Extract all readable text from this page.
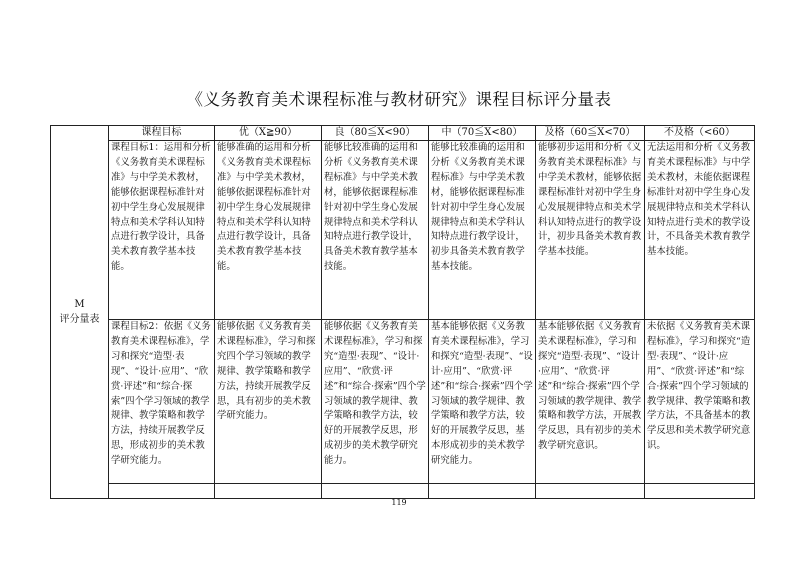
《义务教育美术课程标准与教材研究》课程目标评分量表
M
评分量表	课程目标	优（X≧90）	良（80≦X<90）	中（70≦X<80）	及格（60≦X<70）	不及格（<60）
	课程目标1：运用和分析《义务教育美术课程标准》与中学美术教材，能够依据课程标准针对初中学生身心发展规律特点和美术学科认知特点进行教学设计，具备美术教育教学基本技能。	能够准确的运用和分析《义务教育美术课程标准》与中学美术教材，能够依据课程标准针对初中学生身心发展规律特点和美术学科认知特点进行教学设计，具备美术教育教学基本技能。	能够比较准确的运用和分析《义务教育美术课程标准》与中学美术教材，能够依据课程标准针对初中学生身心发展规律特点和美术学科认知特点进行教学设计，具备美术教育教学基本技能。	能够比较准确的运用和分析《义务教育美术课程标准》与中学美术教材，能够依据课程标准针对初中学生身心发展规律特点和美术学科认知特点进行教学设计，初步具备美术教育教学基本技能。	能够初步运用和分析《义务教育美术课程标准》与中学美术教材，能够依据课程标准针对初中学生身心发展规律特点和美术学科认知特点进行的教学设计，初步具备美术教育教学基本技能。	无法运用和分析《义务教育美术课程标准》与中学美术教材，未能依据课程标准针对初中学生身心发展规律特点和美术学科认知特点进行美术的教学设计，不具备美术教育教学基本技能。
	课程目标2：依据《义务教育美术课程标准》，学习和探究“造型·表现”、“设计·应用”、“欣赏·评述”和“综合·探索”四个学习领域的教学规律、教学策略和教学方法，持续开展教学反思，形成初步的美术教学研究能力。	能够依据《义务教育美术课程标准》，学习和探究四个学习领域的教学规律、教学策略和教学方法，持续开展教学反思，具有初步的美术教学研究能力。	能够依据《义务教育美术课程标准》，学习和探究“造型·表现”、“设计·应用”、“欣赏·评述”和“综合·探索”四个学习领域的教学规律、教学策略和教学方法，较好的开展教学反思，形成初步的美术教学研究能力。	基本能够依据《义务教育美术课程标准》，学习和探究“造型·表现”、“设计·应用”、“欣赏·评述”和“综合·探索”四个学习领域的教学规律、教学策略和教学方法，较好的开展教学反思，基本形成初步的美术教学研究能力。	基本能够依据《义务教育美术课程标准》，学习和探究“造型·表现”、“设计·应用”、“欣赏·评述”和“综合·探索”四个学习领域的教学规律、教学策略和教学方法，开展教学反思，具有初步的美术教学研究意识。	未依据《义务教育美术课程标准》，学习和探究“造型·表现”、“设计·应用”、“欣赏·评述”和“综合·探索”四个学习领域的教学规律、教学策略和教学方法，不具备基本的教学反思和美术教学研究意识。

119
